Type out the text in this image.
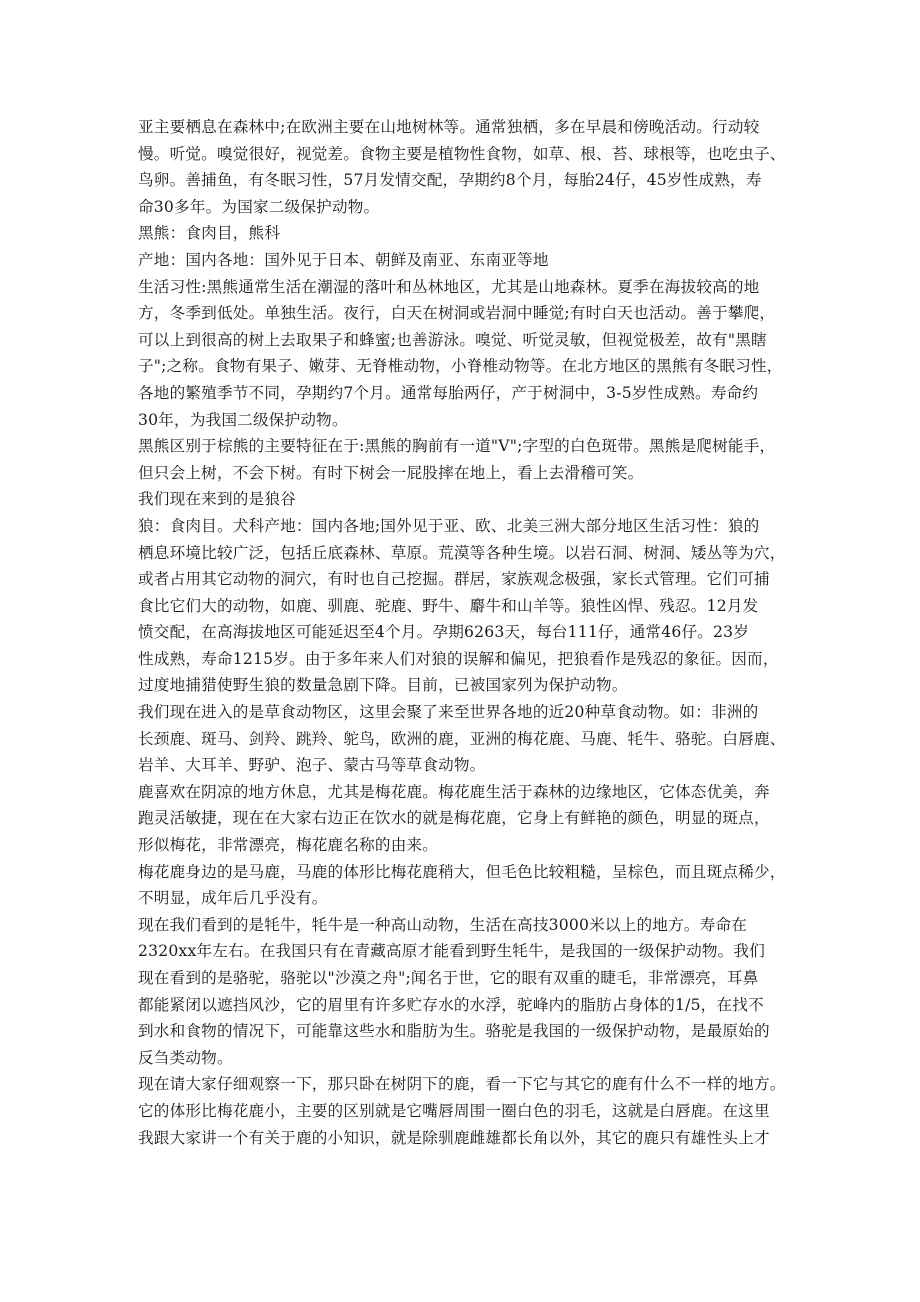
亚主要栖息在森林中;在欧洲主要在山地树林等。通常独栖，多在早晨和傍晚活动。行动较
慢。听觉。嗅觉很好，视觉差。食物主要是植物性食物，如草、根、苔、球根等，也吃虫子、
鸟卵。善捕鱼，有冬眠习性，57月发情交配，孕期约8个月，每胎24仔，45岁性成熟，寿
命30多年。为国家二级保护动物。
黑熊：食肉目，熊科
产地：国内各地：国外见于日本、朝鲜及南亚、东南亚等地
生活习性:黑熊通常生活在潮湿的落叶和丛林地区，尤其是山地森林。夏季在海拔较高的地
方，冬季到低处。单独生活。夜行，白天在树洞或岩洞中睡觉;有时白天也活动。善于攀爬，
可以上到很高的树上去取果子和蜂蜜;也善游泳。嗅觉、听觉灵敏，但视觉极差，故有"黑瞎
子";之称。食物有果子、嫩芽、无脊椎动物，小脊椎动物等。在北方地区的黑熊有冬眠习性，
各地的繁殖季节不同，孕期约7个月。通常每胎两仔，产于树洞中，3-5岁性成熟。寿命约
30年，为我国二级保护动物。
黑熊区别于棕熊的主要特征在于:黑熊的胸前有一道"V";字型的白色斑带。黑熊是爬树能手，
但只会上树，不会下树。有时下树会一屁股摔在地上，看上去滑稽可笑。
我们现在来到的是狼谷
狼：食肉目。犬科产地：国内各地;国外见于亚、欧、北美三洲大部分地区生活习性：狼的
栖息环境比较广泛，包括丘底森林、草原。荒漠等各种生境。以岩石洞、树洞、矮丛等为穴，
或者占用其它动物的洞穴，有时也自己挖掘。群居，家族观念极强，家长式管理。它们可捕
食比它们大的动物，如鹿、驯鹿、驼鹿、野牛、麝牛和山羊等。狼性凶悍、残忍。12月发
愤交配，在高海拔地区可能延迟至4个月。孕期6263天，每台111仔，通常46仔。23岁
性成熟，寿命1215岁。由于多年来人们对狼的误解和偏见，把狼看作是残忍的象征。因而，
过度地捕猎使野生狼的数量急剧下降。目前，已被国家列为保护动物。
我们现在进入的是草食动物区，这里会聚了来至世界各地的近20种草食动物。如：非洲的
长颈鹿、斑马、剑羚、跳羚、鸵鸟，欧洲的鹿，亚洲的梅花鹿、马鹿、牦牛、骆驼。白唇鹿、
岩羊、大耳羊、野驴、泡子、蒙古马等草食动物。
鹿喜欢在阴凉的地方休息，尤其是梅花鹿。梅花鹿生活于森林的边缘地区，它体态优美，奔
跑灵活敏捷，现在在大家右边正在饮水的就是梅花鹿，它身上有鲜艳的颜色，明显的斑点，
形似梅花，非常漂亮，梅花鹿名称的由来。
梅花鹿身边的是马鹿，马鹿的体形比梅花鹿稍大，但毛色比较粗糙，呈棕色，而且斑点稀少，
不明显，成年后几乎没有。
现在我们看到的是牦牛，牦牛是一种高山动物，生活在高技3000米以上的地方。寿命在
2320xx年左右。在我国只有在青藏高原才能看到野生牦牛，是我国的一级保护动物。我们
现在看到的是骆驼，骆驼以"沙漠之舟";闻名于世，它的眼有双重的睫毛，非常漂亮，耳鼻
都能紧闭以遮挡风沙，它的眉里有许多贮存水的水浮，驼峰内的脂肪占身体的1/5，在找不
到水和食物的情况下，可能靠这些水和脂肪为生。骆驼是我国的一级保护动物，是最原始的
反刍类动物。
现在请大家仔细观察一下，那只卧在树阴下的鹿，看一下它与其它的鹿有什么不一样的地方。
它的体形比梅花鹿小，主要的区别就是它嘴唇周围一圈白色的羽毛，这就是白唇鹿。在这里
我跟大家讲一个有关于鹿的小知识，就是除驯鹿雌雄都长角以外，其它的鹿只有雄性头上才
